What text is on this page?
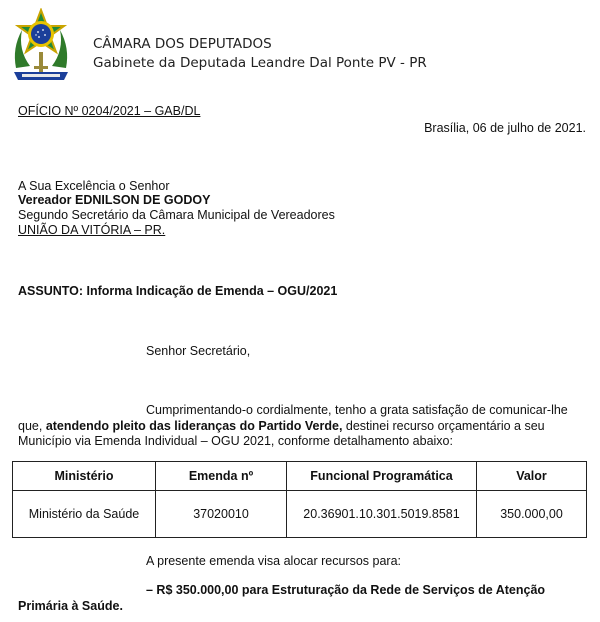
CÂMARA DOS DEPUTADOS
Gabinete da Deputada Leandre Dal Ponte PV - PR
OFÍCIO Nº 0204/2021 – GAB/DL
Brasília, 06 de julho de 2021.
A Sua Excelência o Senhor
Vereador EDNILSON DE GODOY
Segundo Secretário da Câmara Municipal de Vereadores
UNIÃO DA VITÓRIA – PR.
ASSUNTO: Informa Indicação de Emenda – OGU/2021
Senhor Secretário,
Cumprimentando-o cordialmente, tenho a grata satisfação de comunicar-lhe
que, atendendo pleito das lideranças do Partido Verde, destinei recurso orçamentário a seu
Município via Emenda Individual – OGU 2021, conforme detalhamento abaixo:
Ministério	Emenda nº	Funcional Programática	Valor
Ministério da Saúde	37020010	20.36901.10.301.5019.8581	350.000,00
A presente emenda visa alocar recursos para:
– R$ 350.000,00 para Estruturação da Rede de Serviços de Atenção
Primária à Saúde.
